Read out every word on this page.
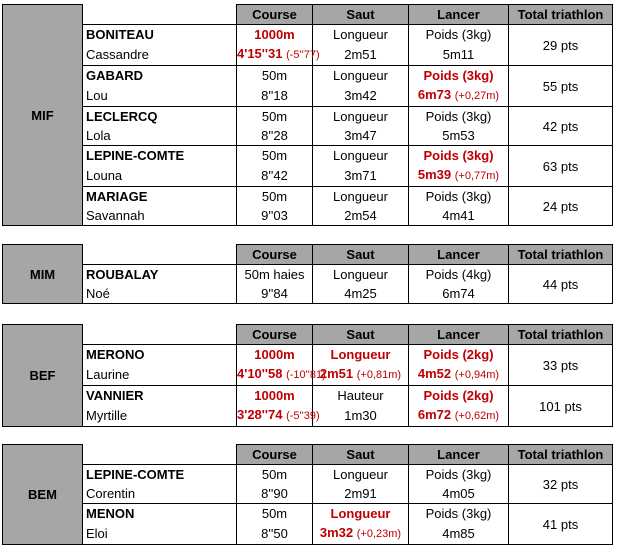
MIF		Course	Saut	Lancer	Total triathlon
	BONITEAU	1000m	Longueur	Poids (3kg)	29 pts
	Cassandre	4'15''31 (-5''77)	2m51	5m11	
	GABARD	50m	Longueur	Poids (3kg)	55 pts
	Lou	8''18	3m42	6m73 (+0,27m)	
	LECLERCQ	50m	Longueur	Poids (3kg)	42 pts
	Lola	8''28	3m47	5m53	
	LEPINE-COMTE	50m	Longueur	Poids (3kg)	63 pts
	Louna	8''42	3m71	5m39 (+0,77m)	
	MARIAGE	50m	Longueur	Poids (3kg)	24 pts
	Savannah	9''03	2m54	4m41	
MIM		Course	Saut	Lancer	Total triathlon
	ROUBALAY	50m haies	Longueur	Poids (4kg)	44 pts
	Noé	9''84	4m25	6m74	
BEF		Course	Saut	Lancer	Total triathlon
	MERONO	1000m	Longueur	Poids (2kg)	33 pts
	Laurine	4'10''58 (-10''81)	2m51 (+0,81m)	4m52 (+0,94m)	
	VANNIER	1000m	Hauteur	Poids (2kg)	101 pts
	Myrtille	3'28''74 (-5''39)	1m30	6m72 (+0,62m)	
BEM		Course	Saut	Lancer	Total triathlon
	LEPINE-COMTE	50m	Longueur	Poids (3kg)	32 pts
	Corentin	8''90	2m91	4m05	
	MENON	50m	Longueur	Poids (3kg)	41 pts
	Eloi	8''50	3m32 (+0,23m)	4m85	
